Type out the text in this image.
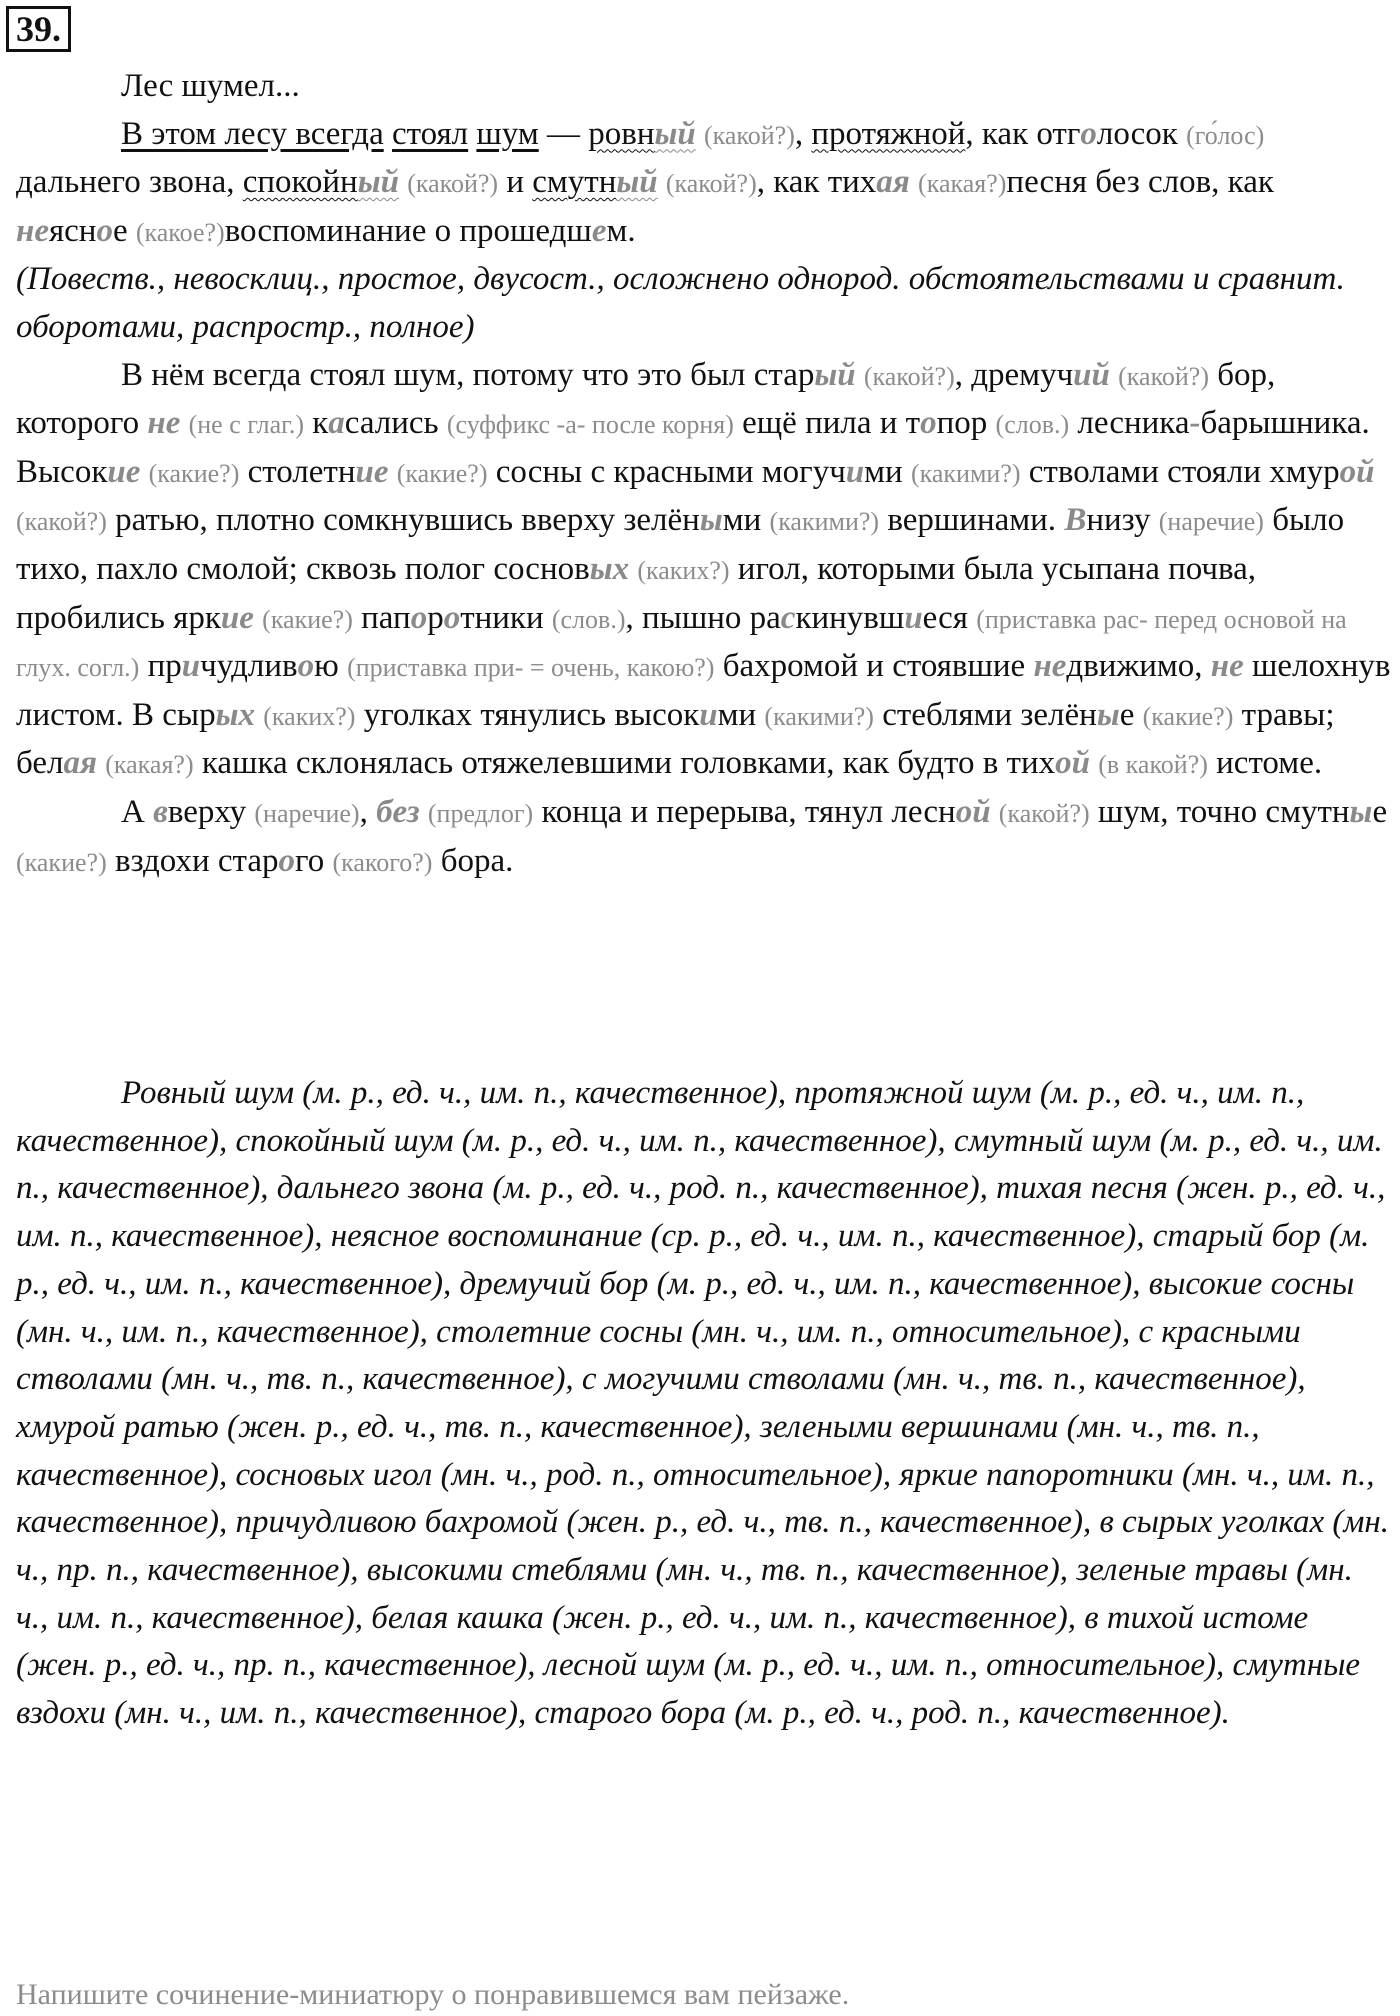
39.

Лес шумел...

В этом лесу всегда стоял шум — ровный (какой?), протяжной, как отголосок (го́лос) дальнего звона, спокойный (какой?) и смутный (какой?), как тихая (какая?)песня без слов, как неясное (какое?)воспоминание о прошедшем.

(Повеств., невосклиц., простое, двусост., осложнено однород. обстоятельствами и сравнит. оборотами, распростр., полное)

В нём всегда стоял шум, потому что это был старый (какой?), дремучий (какой?) бор, которого не (не с глаг.) касались (суффикс -а- после корня) ещё пила и топор (слов.) лесника-барышника. Высокие (какие?) столетние (какие?) сосны с красными могучими (какими?) стволами стояли хмурой (какой?) ратью, плотно сомкнувшись вверху зелёными (какими?) вершинами. Внизу (наречие) было тихо, пахло смолой; сквозь полог сосновых (каких?) игол, которыми была усыпана почва, пробились яркие (какие?) папоротники (слов.), пышно раскинувшиеся (приставка рас- перед основой на глух. согл.) причудливою (приставка при- = очень, какою?) бахромой и стоявшие недвижимо, не шелохнув листом. В сырых (каких?) уголках тянулись высокими (какими?) стеблями зелёные (какие?) травы; белая (какая?) кашка склонялась отяжелевшими головками, как будто в тихой (в какой?) истоме.

А вверху (наречие), без (предлог) конца и перерыва, тянул лесной (какой?) шум, точно смутные (какие?) вздохи старого (какого?) бора.

Ровный шум (м. р., ед. ч., им. п., качественное), протяжной шум (м. р., ед. ч., им. п., качественное), спокойный шум (м. р., ед. ч., им. п., качественное), смутный шум (м. р., ед. ч., им. п., качественное), дальнего звона (м. р., ед. ч., род. п., качественное), тихая песня (жен. р., ед. ч., им. п., качественное), неясное воспоминание (ср. р., ед. ч., им. п., качественное), старый бор (м. р., ед. ч., им. п., качественное), дремучий бор (м. р., ед. ч., им. п., качественное), высокие сосны (мн. ч., им. п., качественное), столетние сосны (мн. ч., им. п., относительное), с красными стволами (мн. ч., тв. п., качественное), с могучими стволами (мн. ч., тв. п., качественное), хмурой ратью (жен. р., ед. ч., тв. п., качественное), зелеными вершинами (мн. ч., тв. п., качественное), сосновых игол (мн. ч., род. п., относительное), яркие папоротники (мн. ч., им. п., качественное), причудливою бахромой (жен. р., ед. ч., тв. п., качественное), в сырых уголках (мн. ч., пр. п., качественное), высокими стеблями (мн. ч., тв. п., качественное), зеленые травы (мн. ч., им. п., качественное), белая кашка (жен. р., ед. ч., им. п., качественное), в тихой истоме (жен. р., ед. ч., пр. п., качественное), лесной шум (м. р., ед. ч., им. п., относительное), смутные вздохи (мн. ч., им. п., качественное), старого бора (м. р., ед. ч., род. п., качественное).

Напишите сочинение-миниатюру о понравившемся вам пейзаже.
